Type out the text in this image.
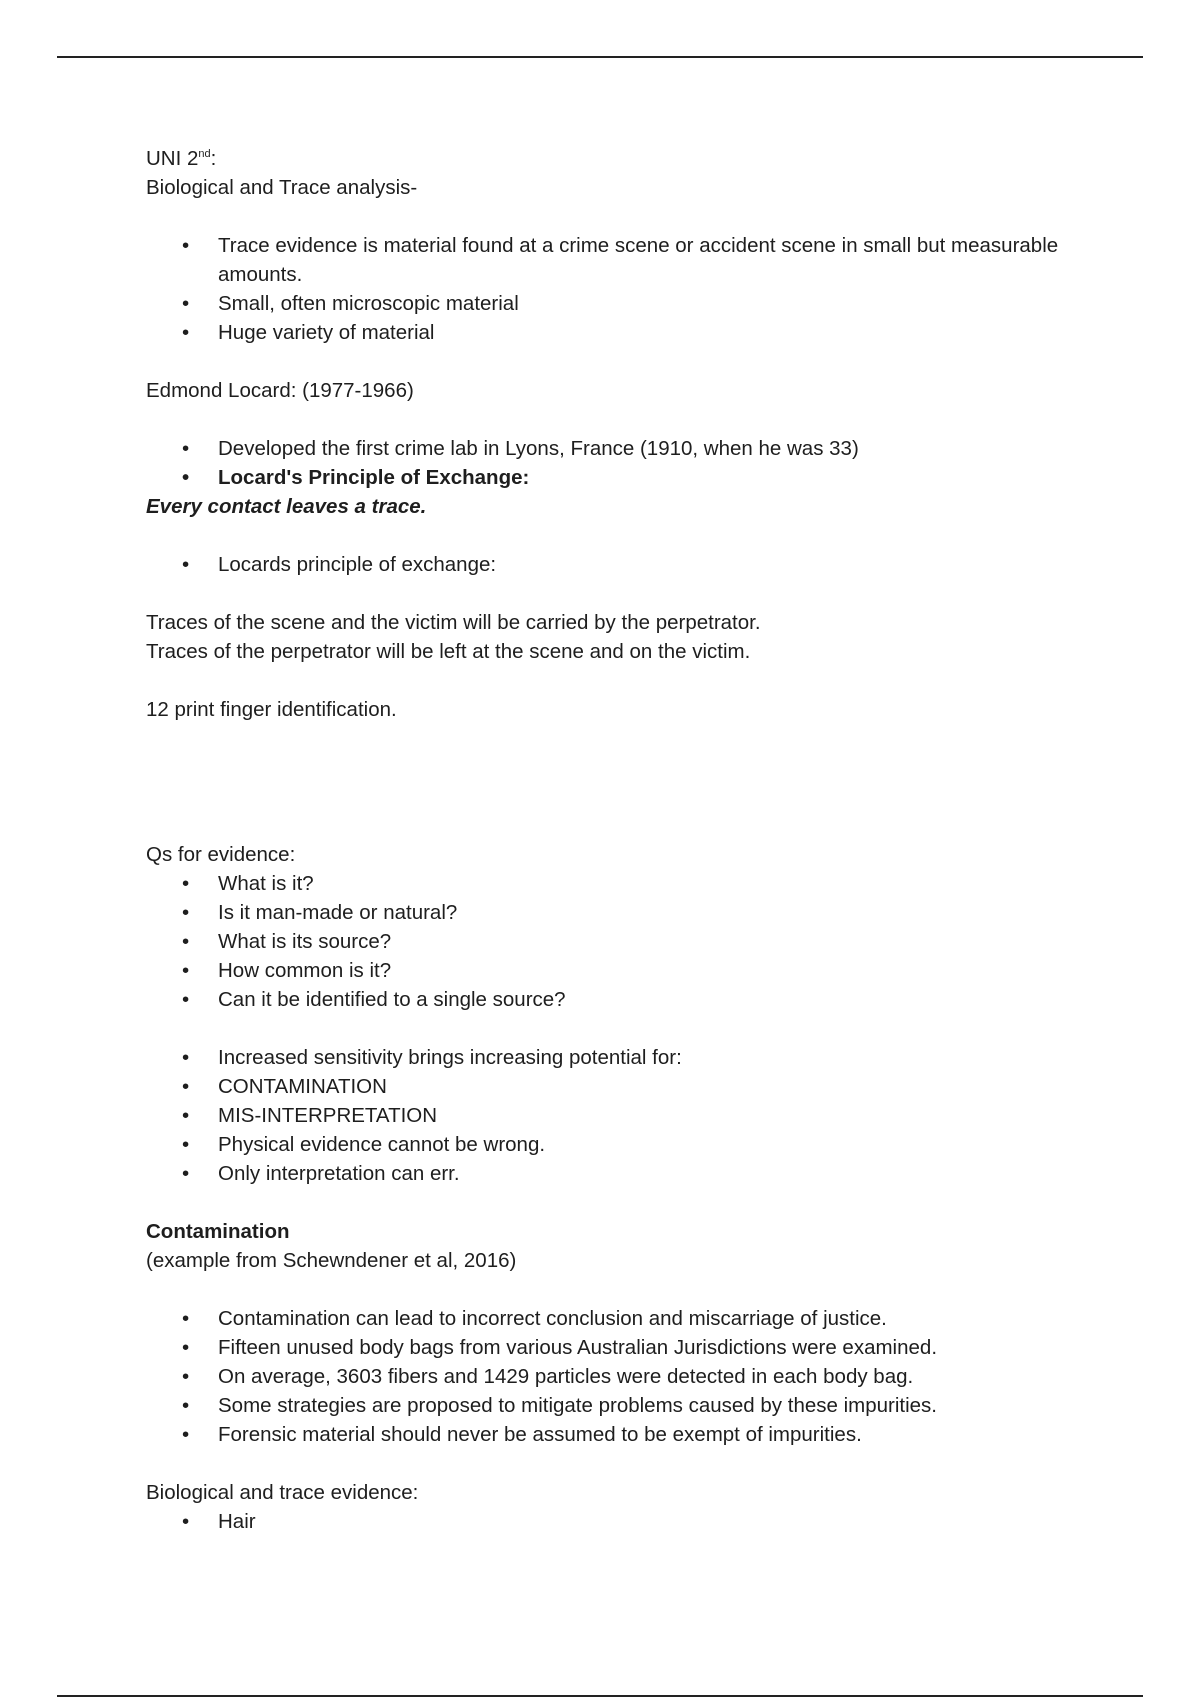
UNI 2nd:

Biological and Trace analysis-

• Trace evidence is material found at a crime scene or accident scene in small but measurable amounts.
• Small, often microscopic material
• Huge variety of material

Edmond Locard: (1977-1966)

• Developed the first crime lab in Lyons, France (1910, when he was 33)
• Locard's Principle of Exchange:

Every contact leaves a trace.

• Locards principle of exchange:

Traces of the scene and the victim will be carried by the perpetrator.

Traces of the perpetrator will be left at the scene and on the victim.

12 print finger identification.

Qs for evidence:

• What is it?
• Is it man-made or natural?
• What is its source?
• How common is it?
• Can it be identified to a single source?
• Increased sensitivity brings increasing potential for:
• CONTAMINATION
• MIS-INTERPRETATION
• Physical evidence cannot be wrong.
• Only interpretation can err.

Contamination

(example from Schewndener et al, 2016)

• Contamination can lead to incorrect conclusion and miscarriage of justice.
• Fifteen unused body bags from various Australian Jurisdictions were examined.
• On average, 3603 fibers and 1429 particles were detected in each body bag.
• Some strategies are proposed to mitigate problems caused by these impurities.
• Forensic material should never be assumed to be exempt of impurities.

Biological and trace evidence:

• Hair
